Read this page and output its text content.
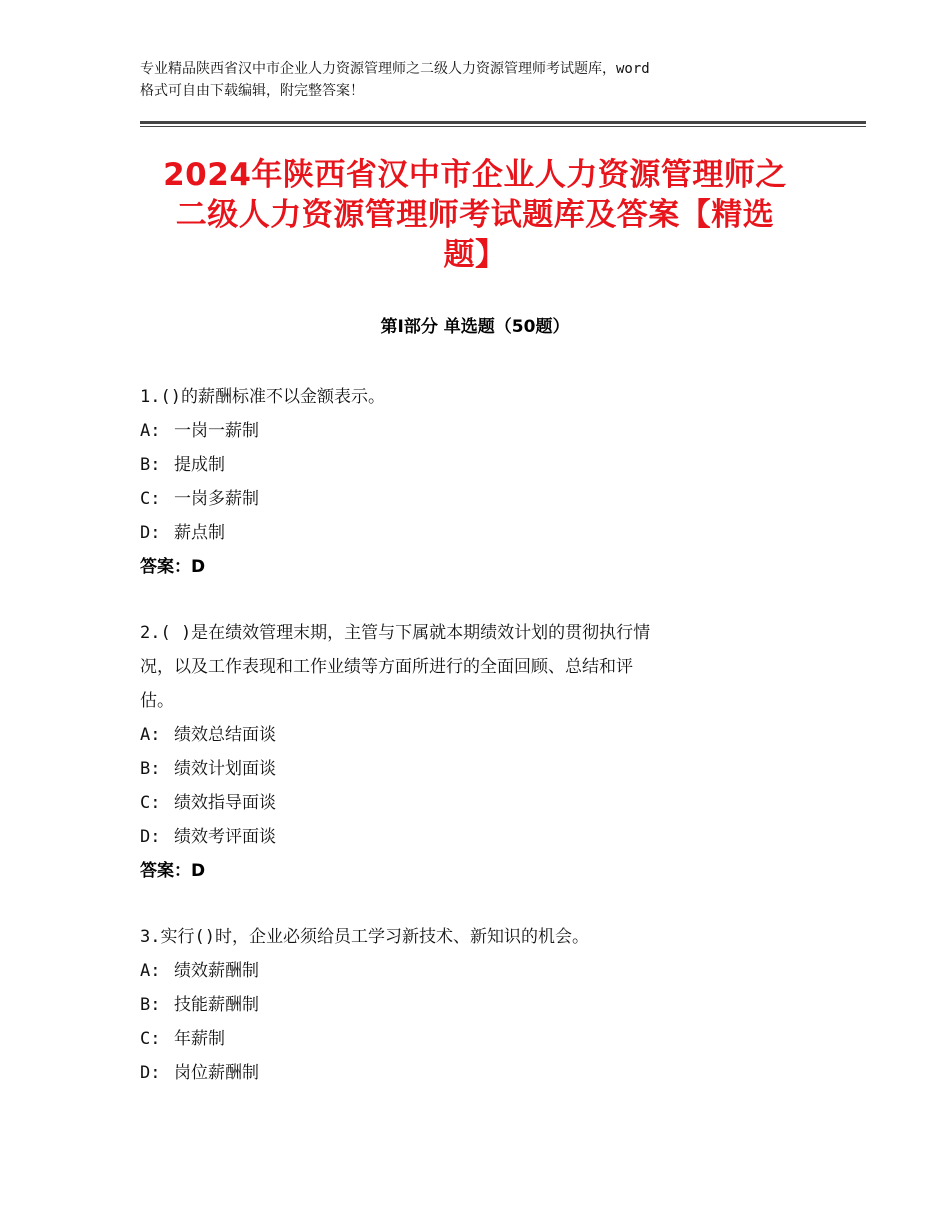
专业精品陕西省汉中市企业人力资源管理师之二级人力资源管理师考试题库，word
格式可自由下载编辑，附完整答案！
2024年陕西省汉中市企业人力资源管理师之
二级人力资源管理师考试题库及答案【精选
题】
第Ⅰ部分 单选题（50题）
1.()的薪酬标准不以金额表示。
A: 一岗一薪制
B: 提成制
C: 一岗多薪制
D: 薪点制
答案：D
2.( )是在绩效管理末期，主管与下属就本期绩效计划的贯彻执行情
况，以及工作表现和工作业绩等方面所进行的全面回顾、总结和评
估。
A: 绩效总结面谈
B: 绩效计划面谈
C: 绩效指导面谈
D: 绩效考评面谈
答案：D
3.实行()时，企业必须给员工学习新技术、新知识的机会。
A: 绩效薪酬制
B: 技能薪酬制
C: 年薪制
D: 岗位薪酬制
